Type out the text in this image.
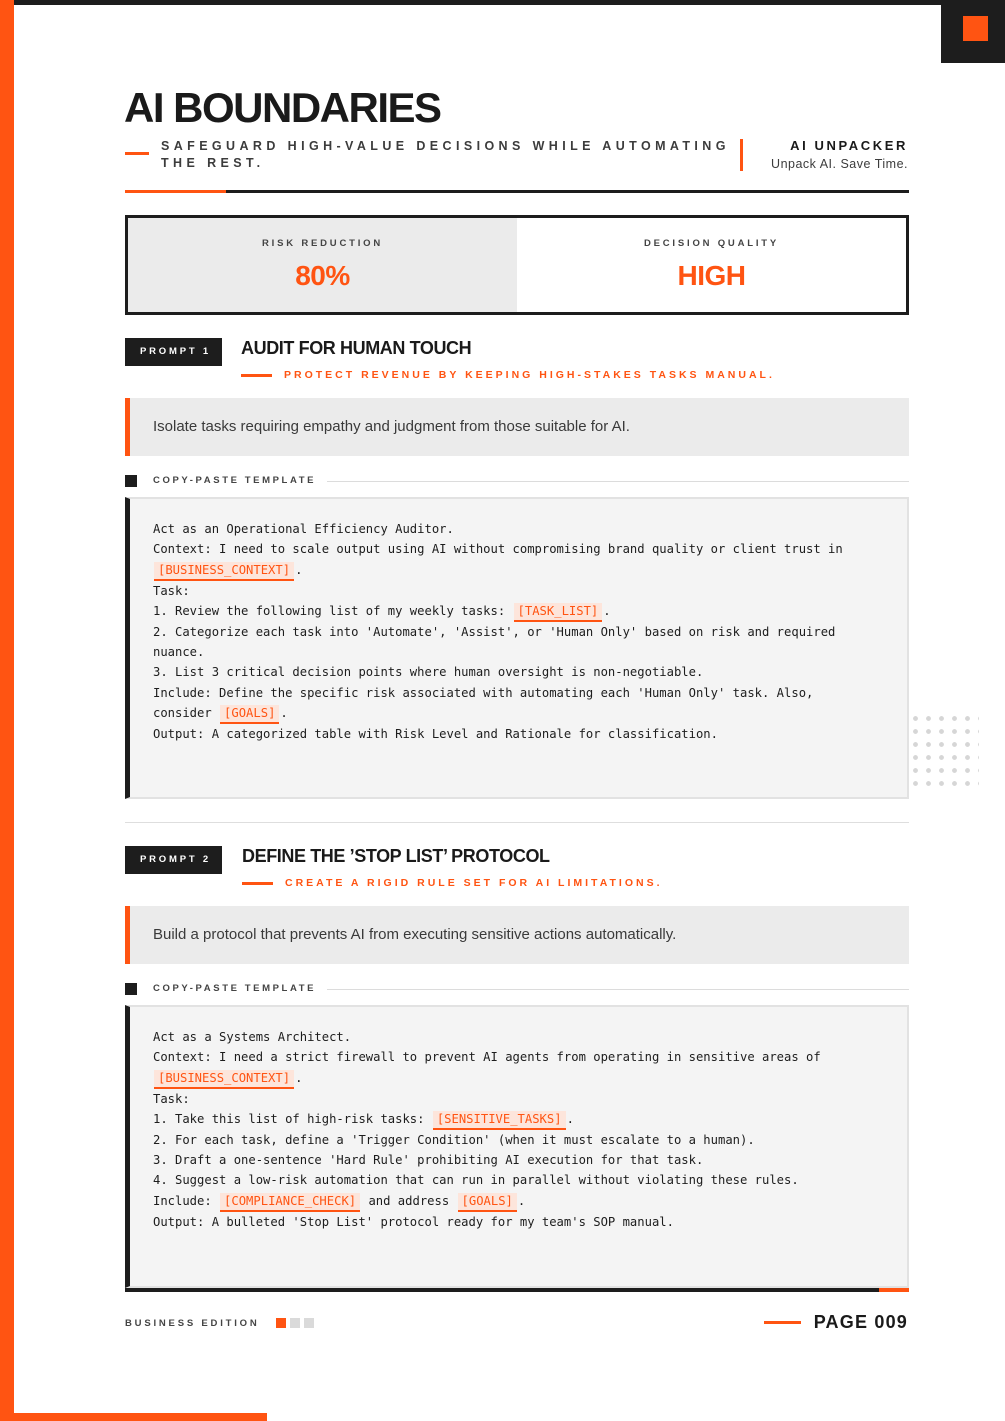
AI BOUNDARIES
SAFEGUARD HIGH-VALUE DECISIONS WHILE AUTOMATING THE REST.
AI UNPACKER
Unpack AI. Save Time.
RISK REDUCTION
80%
DECISION QUALITY
HIGH
PROMPT 1	AUDIT FOR HUMAN TOUCH
PROTECT REVENUE BY KEEPING HIGH-STAKES TASKS MANUAL.
Isolate tasks requiring empathy and judgment from those suitable for AI.
COPY-PASTE TEMPLATE
Act as an Operational Efficiency Auditor.
Context: I need to scale output using AI without compromising brand quality or client trust in
[BUSINESS_CONTEXT] .
Task:
1. Review the following list of my weekly tasks: [TASK_LIST] .
2. Categorize each task into 'Automate', 'Assist', or 'Human Only' based on risk and required
nuance.
3. List 3 critical decision points where human oversight is non-negotiable.
Include: Define the specific risk associated with automating each 'Human Only' task. Also,
consider [GOALS] .
Output: A categorized table with Risk Level and Rationale for classification.
PROMPT 2	DEFINE THE ’STOP LIST’ PROTOCOL
CREATE A RIGID RULE SET FOR AI LIMITATIONS.
Build a protocol that prevents AI from executing sensitive actions automatically.
COPY-PASTE TEMPLATE
Act as a Systems Architect.
Context: I need a strict firewall to prevent AI agents from operating in sensitive areas of
[BUSINESS_CONTEXT] .
Task:
1. Take this list of high-risk tasks: [SENSITIVE_TASKS] .
2. For each task, define a 'Trigger Condition' (when it must escalate to a human).
3. Draft a one-sentence 'Hard Rule' prohibiting AI execution for that task.
4. Suggest a low-risk automation that can run in parallel without violating these rules.
Include: [COMPLIANCE_CHECK] and address [GOALS] .
Output: A bulleted 'Stop List' protocol ready for my team's SOP manual.
BUSINESS EDITION	PAGE 009
